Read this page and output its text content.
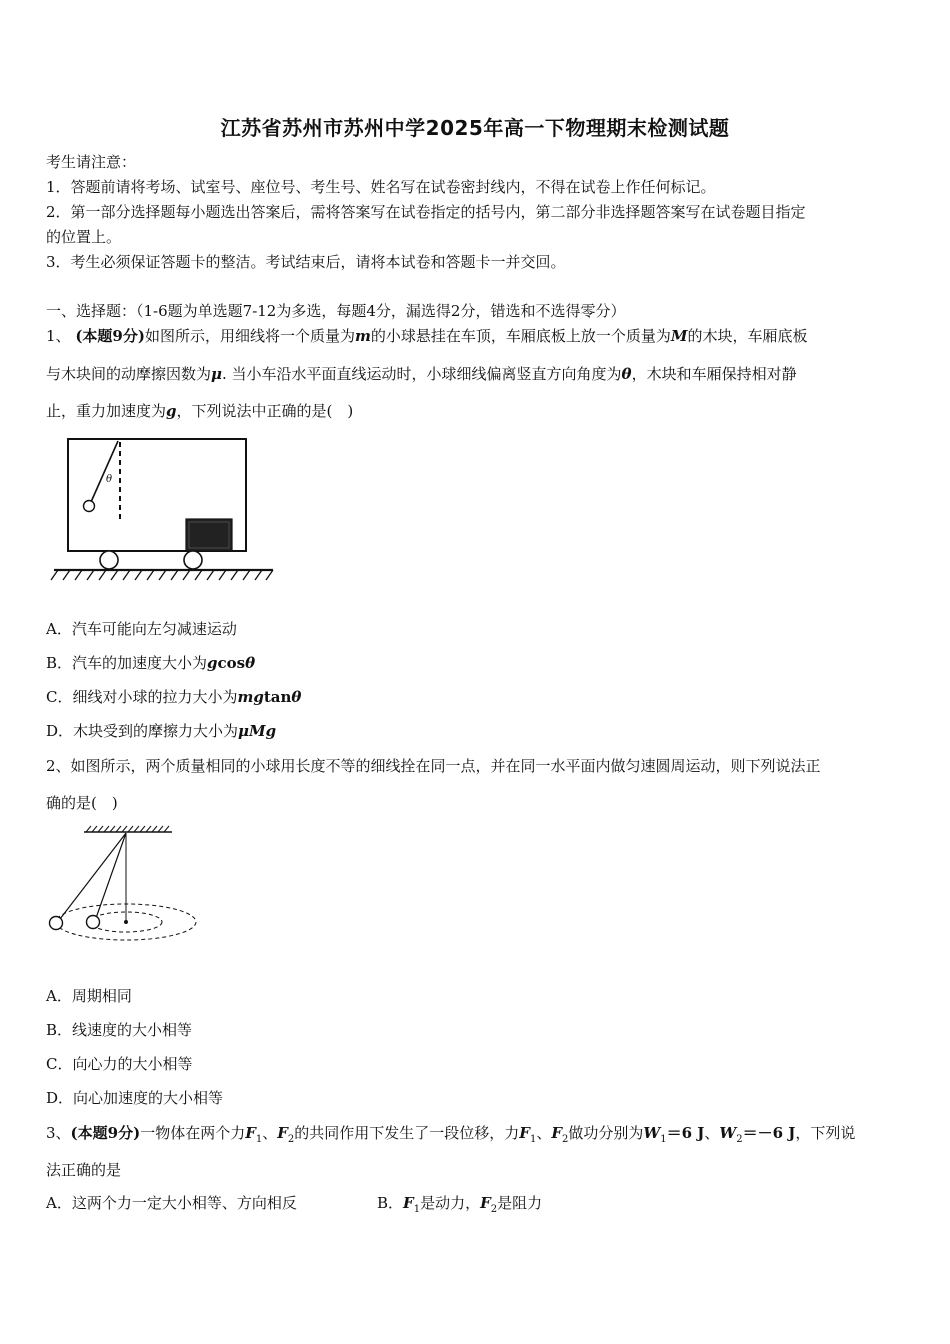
江苏省苏州市苏州中学2025年高一下物理期末检测试题
考生请注意：
1．答题前请将考场、试室号、座位号、考生号、姓名写在试卷密封线内，不得在试卷上作任何标记。
2．第一部分选择题每小题选出答案后，需将答案写在试卷指定的括号内，第二部分非选择题答案写在试卷题目指定
的位置上。
3．考生必须保证答题卡的整洁。考试结束后，请将本试卷和答题卡一并交回。
一、选择题：（1-6题为单选题7-12为多选，每题4分，漏选得2分，错选和不选得零分）
1、 (本题9分)如图所示，用细线将一个质量为m的小球悬挂在车顶，车厢底板上放一个质量为M的木块，车厢底板
与木块间的动摩擦因数为μ. 当小车沿水平面直线运动时，小球细线偏离竖直方向角度为θ，木块和车厢保持相对静
止，重力加速度为g，下列说法中正确的是(　)
θ
A．汽车可能向左匀减速运动
B．汽车的加速度大小为gcosθ
C．细线对小球的拉力大小为mgtanθ
D．木块受到的摩擦力大小为μMg
2、如图所示，两个质量相同的小球用长度不等的细线拴在同一点，并在同一水平面内做匀速圆周运动，则下列说法正
确的是(　)
A．周期相同
B．线速度的大小相等
C．向心力的大小相等
D．向心加速度的大小相等
3、(本题9分)一物体在两个力$F_1$、$F_2$的共同作用下发生了一段位移，力$F_1$、$F_2$做功分别为$W_1=6$ J、$W_2=-6$ J，下列说
法正确的是
A．这两个力一定大小相等、方向相反	B．$F_1$是动力，$F_2$是阻力
